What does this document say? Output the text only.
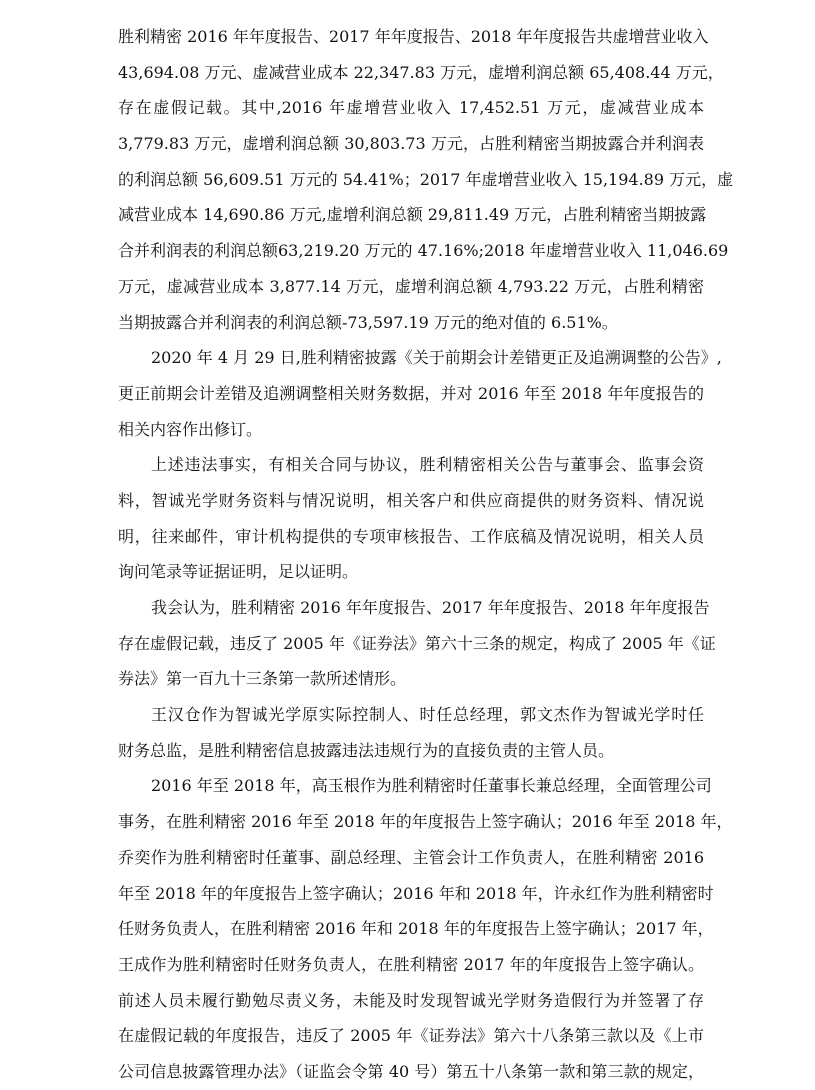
胜利精密 2016 年年度报告、2017 年年度报告、2018 年年度报告共虚增营业收入
43,694.08 万元、虚减营业成本 22,347.83 万元，虚增利润总额 65,408.44 万元，
存在虚假记载。其中,2016 年虚增营业收入 17,452.51 万元，虚减营业成本
3,779.83 万元，虚增利润总额 30,803.73 万元，占胜利精密当期披露合并利润表
的利润总额 56,609.51 万元的 54.41%；2017 年虚增营业收入 15,194.89 万元，虚
减营业成本 14,690.86 万元,虚增利润总额 29,811.49 万元，占胜利精密当期披露
合并利润表的利润总额63,219.20 万元的 47.16%;2018 年虚增营业收入 11,046.69
万元，虚减营业成本 3,877.14 万元，虚增利润总额 4,793.22 万元，占胜利精密
当期披露合并利润表的利润总额-73,597.19 万元的绝对值的 6.51%。
2020 年 4 月 29 日,胜利精密披露《关于前期会计差错更正及追溯调整的公告》,
更正前期会计差错及追溯调整相关财务数据，并对 2016 年至 2018 年年度报告的
相关内容作出修订。
上述违法事实，有相关合同与协议，胜利精密相关公告与董事会、监事会资
料，智诚光学财务资料与情况说明，相关客户和供应商提供的财务资料、情况说
明，往来邮件，审计机构提供的专项审核报告、工作底稿及情况说明，相关人员
询问笔录等证据证明，足以证明。
我会认为，胜利精密 2016 年年度报告、2017 年年度报告、2018 年年度报告
存在虚假记载，违反了 2005 年《证券法》第六十三条的规定，构成了 2005 年《证
券法》第一百九十三条第一款所述情形。
王汉仓作为智诚光学原实际控制人、时任总经理，郭文杰作为智诚光学时任
财务总监，是胜利精密信息披露违法违规行为的直接负责的主管人员。
2016 年至 2018 年，高玉根作为胜利精密时任董事长兼总经理，全面管理公司
事务，在胜利精密 2016 年至 2018 年的年度报告上签字确认；2016 年至 2018 年，
乔奕作为胜利精密时任董事、副总经理、主管会计工作负责人，在胜利精密 2016
年至 2018 年的年度报告上签字确认；2016 年和 2018 年，许永红作为胜利精密时
任财务负责人，在胜利精密 2016 年和 2018 年的年度报告上签字确认；2017 年，
王成作为胜利精密时任财务负责人，在胜利精密 2017 年的年度报告上签字确认。
前述人员未履行勤勉尽责义务，未能及时发现智诚光学财务造假行为并签署了存
在虚假记载的年度报告，违反了 2005 年《证券法》第六十八条第三款以及《上市
公司信息披露管理办法》（证监会令第 40 号）第五十八条第一款和第三款的规定，
